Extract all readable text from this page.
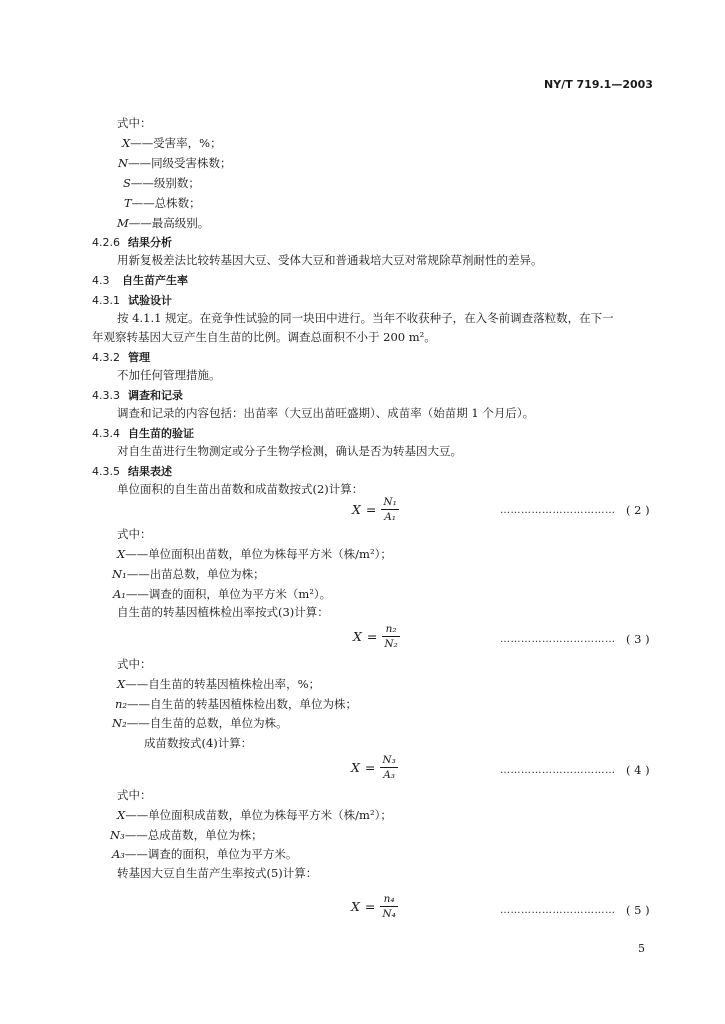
NY/T 719.1—2003
式中：
X——受害率，%；
N——同级受害株数；
S——级别数；
T——总株数；
M——最高级别。
4.2.6 结果分析
用新复极差法比较转基因大豆、受体大豆和普通栽培大豆对常规除草剂耐性的差异。
4.3 自生苗产生率
4.3.1 试验设计
按 4.1.1 规定。在竞争性试验的同一块田中进行。当年不收获种子，在入冬前调查落粒数，在下一
年观察转基因大豆产生自生苗的比例。调查总面积不小于 200 m²。
4.3.2 管理
不加任何管理措施。
4.3.3 调查和记录
调查和记录的内容包括：出苗率（大豆出苗旺盛期）、成苗率（始苗期 1 个月后）。
4.3.4 自生苗的验证
对自生苗进行生物测定或分子生物学检测，确认是否为转基因大豆。
4.3.5 结果表述
单位面积的自生苗出苗数和成苗数按式(2)计算：
$X = \frac{\text{N₁}}{\text{A₁}}$	…………………………… ( 2 )
式中：
X——单位面积出苗数，单位为株每平方米（株/m²）；
N₁——出苗总数，单位为株；
A₁——调查的面积，单位为平方米（m²）。
自生苗的转基因植株检出率按式(3)计算：
$X = \frac{\text{n₂}}{\text{N₂}}$	…………………………… ( 3 )
式中：
X——自生苗的转基因植株检出率，%；
n₂——自生苗的转基因植株检出数，单位为株；
N₂——自生苗的总数，单位为株。
成苗数按式(4)计算：
$X = \frac{\text{N₃}}{\text{A₃}}$	…………………………… ( 4 )
式中：
X——单位面积成苗数，单位为株每平方米（株/m²）；
N₃——总成苗数，单位为株；
A₃——调查的面积，单位为平方米。
转基因大豆自生苗产生率按式(5)计算：
$X = \frac{\text{n₄}}{\text{N₄}}$	…………………………… ( 5 )
5
